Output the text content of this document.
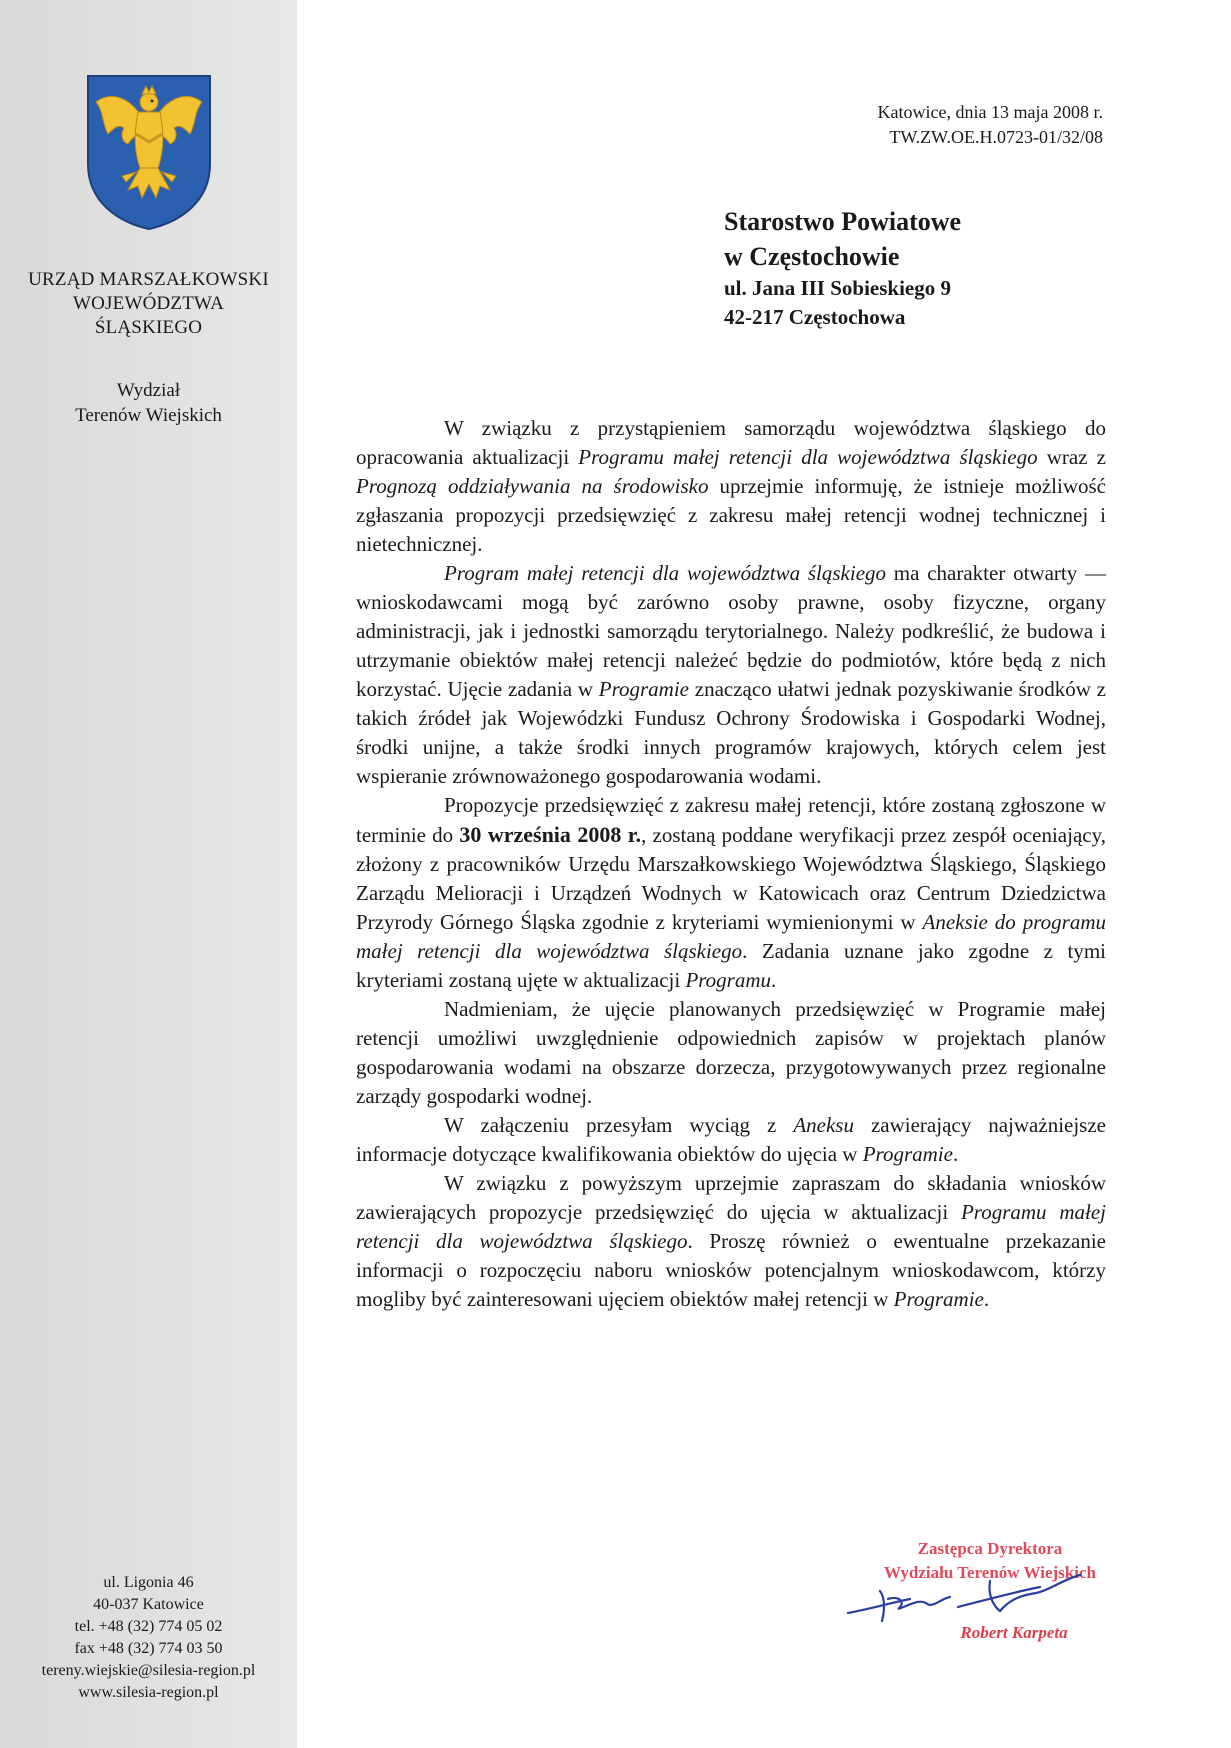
URZĄD MARSZAŁKOWSKI
WOJEWÓDZTWA
ŚLĄSKIEGO
Wydział
Terenów Wiejskich
ul. Ligonia 46
40-037 Katowice
tel. +48 (32) 774 05 02
fax +48 (32) 774 03 50
tereny.wiejskie@silesia-region.pl
www.silesia-region.pl
Katowice, dnia 13 maja 2008 r.
TW.ZW.OE.H.0723-01/32/08
Starostwo Powiatowe
w Częstochowie
ul. Jana III Sobieskiego 9
42-217 Częstochowa

W związku z przystąpieniem samorządu województwa śląskiego do opracowania aktualizacji Programu małej retencji dla województwa śląskiego wraz z Prognozą oddziaływania na środowisko uprzejmie informuję, że istnieje możliwość zgłaszania propozycji przedsięwzięć z zakresu małej retencji wodnej technicznej i nietechnicznej.

Program małej retencji dla województwa śląskiego ma charakter otwarty — wnioskodawcami mogą być zarówno osoby prawne, osoby fizyczne, organy administracji, jak i jednostki samorządu terytorialnego. Należy podkreślić, że budowa i utrzymanie obiektów małej retencji należeć będzie do podmiotów, które będą z nich korzystać. Ujęcie zadania w Programie znacząco ułatwi jednak pozyskiwanie środków z takich źródeł jak Wojewódzki Fundusz Ochrony Środowiska i Gospodarki Wodnej, środki unijne, a także środki innych programów krajowych, których celem jest wspieranie zrównoważonego gospodarowania wodami.

Propozycje przedsięwzięć z zakresu małej retencji, które zostaną zgłoszone w terminie do 30 września 2008 r., zostaną poddane weryfikacji przez zespół oceniający, złożony z pracowników Urzędu Marszałkowskiego Województwa Śląskiego, Śląskiego Zarządu Melioracji i Urządzeń Wodnych w Katowicach oraz Centrum Dziedzictwa Przyrody Górnego Śląska zgodnie z kryteriami wymienionymi w Aneksie do programu małej retencji dla województwa śląskiego. Zadania uznane jako zgodne z tymi kryteriami zostaną ujęte w aktualizacji Programu.

Nadmieniam, że ujęcie planowanych przedsięwzięć w Programie małej retencji umożliwi uwzględnienie odpowiednich zapisów w projektach planów gospodarowania wodami na obszarze dorzecza, przygotowywanych przez regionalne zarządy gospodarki wodnej.

W załączeniu przesyłam wyciąg z Aneksu zawierający najważniejsze informacje dotyczące kwalifikowania obiektów do ujęcia w Programie.

W związku z powyższym uprzejmie zapraszam do składania wniosków zawierających propozycje przedsięwzięć do ujęcia w aktualizacji Programu małej retencji dla województwa śląskiego. Proszę również o ewentualne przekazanie informacji o rozpoczęciu naboru wniosków potencjalnym wnioskodawcom, którzy mogliby być zainteresowani ujęciem obiektów małej retencji w Programie.

Zastępca Dyrektora
Wydziału Terenów Wiejskich
Robert Karpeta
